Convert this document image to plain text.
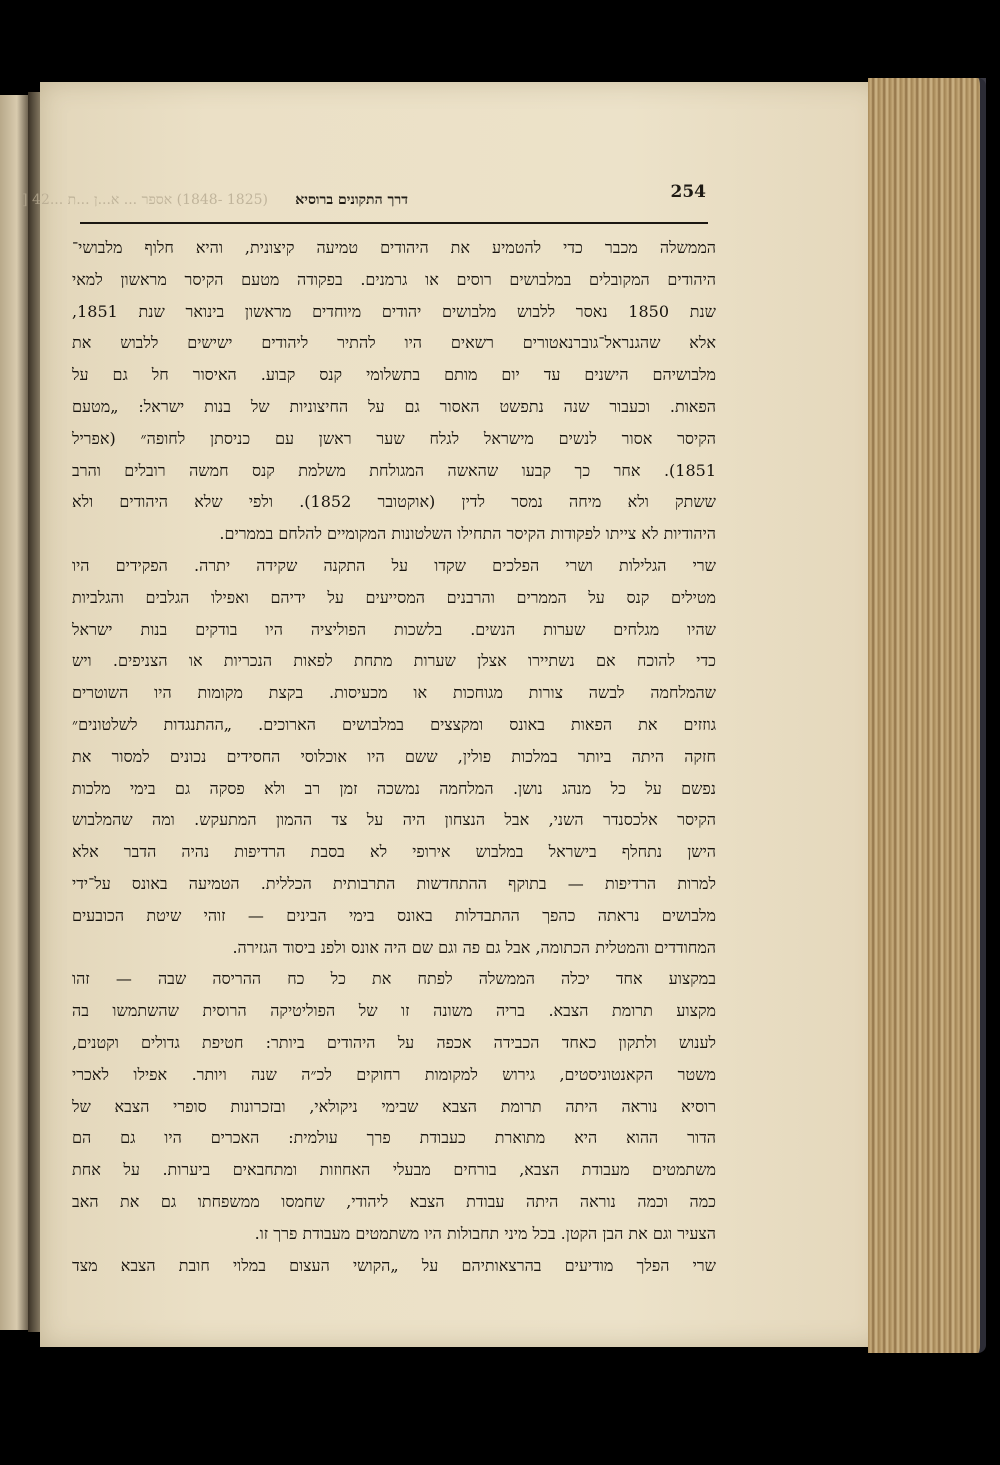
254
דרך התקונים ברוסיא
(1825 -1848) אספר ... א...ן ...ת ...42 [
הממשלה מכבר כדי להטמיע את היהודים טמיעה קיצונית, והיא חלוף מלבושי־
היהודים המקובלים במלבושים רוסים או גרמנים. בפקודה מטעם הקיסר מראשון למאי
שנת 1850 נאסר ללבוש מלבושים יהודים מיוחדים מראשון בינואר שנת 1851,
אלא שהגנראל־גוברנאטורים רשאים היו להתיר ליהודים ישישים ללבוש את
מלבושיהם הישנים עד יום מותם בתשלומי קנס קבוע. האיסור חל גם על
הפאות. וכעבור שנה נתפשט האסור גם על החיצוניות של בנות ישראל: „מטעם
הקיסר אסור לנשים מישראל לגלח שער ראשן עם כניסתן לחופה״ (אפריל
1851). אחר כך קבעו שהאשה המגולחת משלמת קנס חמשה רובלים והרב
ששתק ולא מיחה נמסר לדין (אוקטובר 1852). ולפי שלא היהודים ולא
היהודיות לא צייתו לפקודות הקיסר התחילו השלטונות המקומיים להלחם בממרים.
שרי הגלילות ושרי הפלכים שקדו על התקנה שקידה יתרה. הפקידים היו
מטילים קנס על הממרים והרבנים המסייעים על ידיהם ואפילו הגלבים והגלביות
שהיו מגלחים שערות הנשים. בלשכות הפוליציה היו בודקים בנות ישראל
כדי להוכח אם נשתיירו אצלן שערות מתחת לפאות הנכריות או הצניפים. ויש
שהמלחמה לבשה צורות מגוחכות או מכעיסות. בקצת מקומות היו השוטרים
גוזזים את הפאות באונס ומקצצים במלבושים הארוכים. „ההתנגדות לשלטונים״
חזקה היתה ביותר במלכות פולין, ששם היו אוכלוסי החסידים נכונים למסור את
נפשם על כל מנהג נושן. המלחמה נמשכה זמן רב ולא פסקה גם בימי מלכות
הקיסר אלכסנדר השני, אבל הנצחון היה על צד ההמון המתעקש. ומה שהמלבוש
הישן נתחלף בישראל במלבוש אירופי לא בסבת הרדיפות נהיה הדבר אלא
למרות הרדיפות — בתוקף ההתחדשות התרבותית הכללית. הטמיעה באונס על־ידי
מלבושים נראתה כהפך ההתבדלות באונס בימי הבינים — זוהי שיטת הכובעים
המחודדים והמטלית הכתומה, אבל גם פה וגם שם היה אונס ולפנ ביסוד הגזירה.
במקצוע אחד יכלה הממשלה לפתח את כל כח ההריסה שבה — זהו
מקצוע תרומת הצבא. בריה משונה זו של הפוליטיקה הרוסית שהשתמשו בה
לענוש ולתקון כאחד הכבידה אכפה על היהודים ביותר: חטיפת גדולים וקטנים,
משטר הקאנטוניסטים, גירוש למקומות רחוקים לכ״ה שנה ויותר. אפילו לאכרי
רוסיא נוראה היתה תרומת הצבא שבימי ניקולאי, ובזכרונות סופרי הצבא של
הדור ההוא היא מתוארת כעבודת פרך עולמית: האכרים היו גם הם
משתמטים מעבודת הצבא, בורחים מבעלי האחוזות ומתחבאים ביערות. על אחת
כמה וכמה נוראה היתה עבודת הצבא ליהודי, שחמסו ממשפחתו גם את האב
הצעיר וגם את הבן הקטן. בכל מיני תחבולות היו משתמטים מעבודת פרך זו.
שרי הפלך מודיעים בהרצאותיהם על „הקושי העצום במלוי חובת הצבא מצד
